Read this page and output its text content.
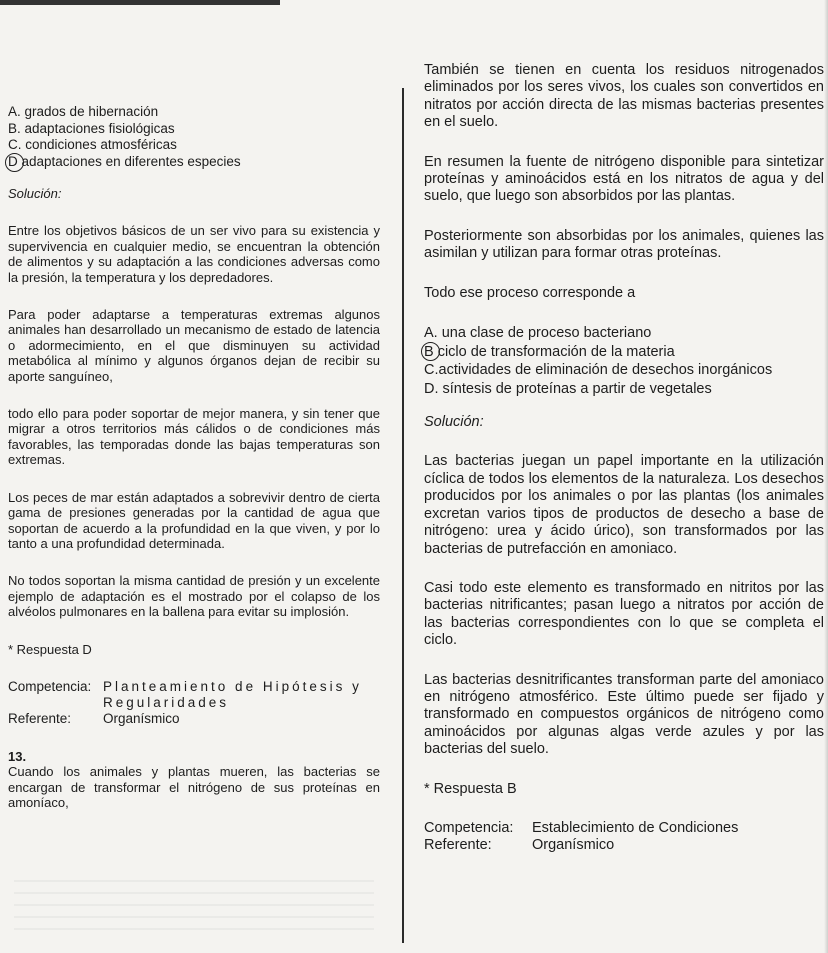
A. grados de hibernación
B. adaptaciones fisiológicas
C. condiciones atmosféricas
D adaptaciones en diferentes especies

Solución:

Entre los objetivos básicos de un ser vivo para su existencia y supervivencia en cualquier medio, se encuentran la obtención de alimentos y su adaptación a las condiciones adversas como la presión, la temperatura y los depredadores.

Para poder adaptarse a temperaturas extremas algunos animales han desarrollado un mecanismo de estado de latencia o adormecimiento, en el que disminuyen su actividad metabólica al mínimo y algunos órganos dejan de recibir su aporte sanguíneo,

todo ello para poder soportar de mejor manera, y sin tener que migrar a otros territorios más cálidos o de condiciones más favorables, las temporadas donde las bajas temperaturas son extremas.

Los peces de mar están adaptados a sobrevivir dentro de cierta gama de presiones generadas por la cantidad de agua que soportan de acuerdo a la profundidad en la que viven, y por lo tanto a una profundidad determinada.

No todos soportan la misma cantidad de presión y un excelente ejemplo de adaptación es el mostrado por el colapso de los alvéolos pulmonares en la ballena para evitar su implosión.

* Respuesta D

Competencia: Planteamiento de Hipótesis y Regularidades
Referente:	Organísmico

13.

Cuando los animales y plantas mueren, las bacterias se encargan de transformar el nitrógeno de sus proteínas en amoníaco,

También se tienen en cuenta los residuos nitrogenados eliminados por los seres vivos, los cuales son convertidos en nitratos por acción directa de las mismas bacterias presentes en el suelo.

En resumen la fuente de nitrógeno disponible para sintetizar proteínas y aminoácidos está en los nitratos de agua y del suelo, que luego son absorbidos por las plantas.

Posteriormente son absorbidas por los animales, quienes las asimilan y utilizan para formar otras proteínas.

Todo ese proceso corresponde a

A. una clase de proceso bacteriano
B ciclo de transformación de la materia
C.actividades de eliminación de desechos inorgánicos
D. síntesis de proteínas a partir de vegetales

Solución:

Las bacterias juegan un papel importante en la utilización cíclica de todos los elementos de la naturaleza. Los desechos producidos por los animales o por las plantas (los animales excretan varios tipos de productos de desecho a base de nitrógeno: urea y ácido úrico), son transformados por las bacterias de putrefacción en amoniaco.

Casi todo este elemento es transformado en nitritos por las bacterias nitrificantes; pasan luego a nitratos por acción de las bacterias correspondientes con lo que se completa el ciclo.

Las bacterias desnitrificantes transforman parte del amoniaco en nitrógeno atmosférico. Este último puede ser fijado y transformado en compuestos orgánicos de nitrógeno como aminoácidos por algunas algas verde azules y por las bacterias del suelo.

* Respuesta B

Competencia:	Establecimiento de Condiciones
Referente:	Organísmico
